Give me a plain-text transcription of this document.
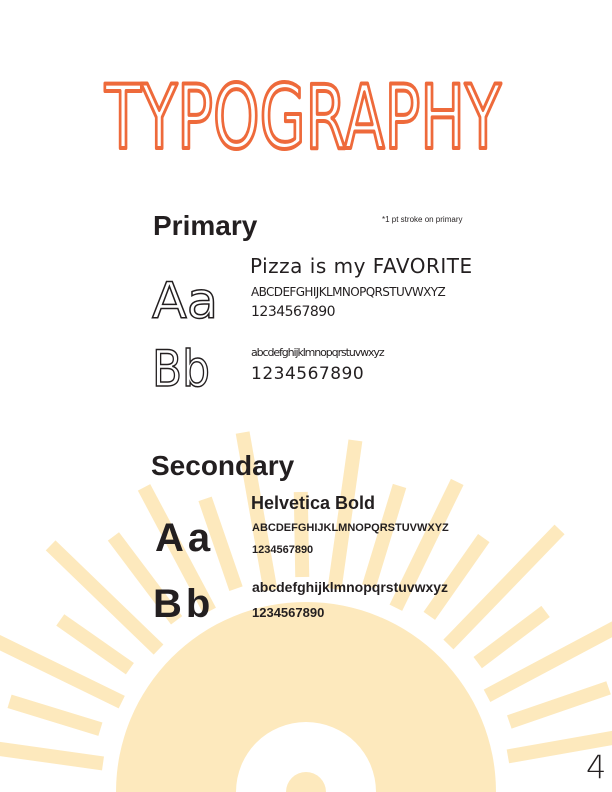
TYPOGRAPHY
Primary	*1 pt stroke on primary
Aa
Bb
Pizza is my FAVORITE
ABCDEFGHIJKLMNOPQRSTUVWXYZ
1234567890
abcdefghijklmnopqrstuvwxyz
1234567890
Secondary
Helvetica Bold
Aa
Bb
ABCDEFGHIJKLMNOPQRSTUVWXYZ
1234567890
abcdefghijklmnopqrstuvwxyz
1234567890
4
